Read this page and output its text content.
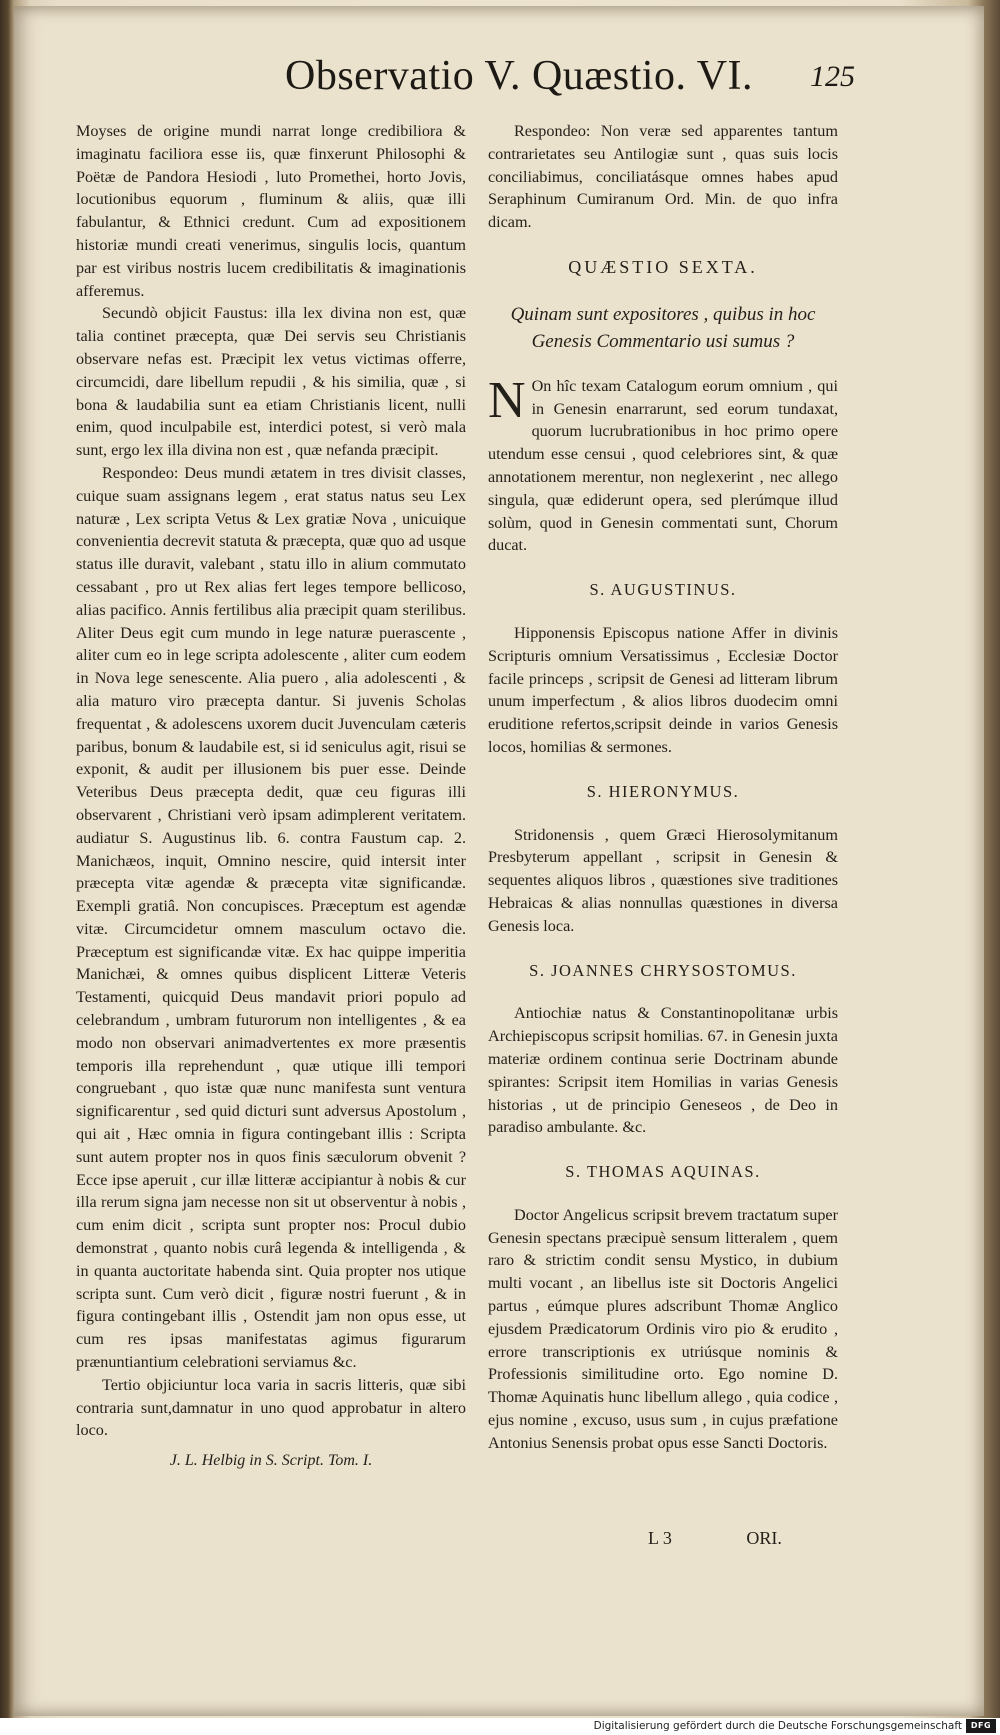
Observatio V. Quæstio. VI. 125

Moyses de origine mundi narrat longe credibiliora & imaginatu faciliora esse iis, quæ finxerunt Philosophi & Poëtæ de Pandora Hesiodi , luto Promethei, horto Jovis, locutionibus equorum , fluminum & aliis, quæ illi fabulantur, & Ethnici credunt. Cum ad expositionem historiæ mundi creati venerimus, singulis locis, quantum par est viribus nostris lucem credibilitatis & imaginationis afferemus.

Secundò objicit Faustus: illa lex divina non est, quæ talia continet præcepta, quæ Dei servis seu Christianis observare nefas est. Præcipit lex vetus victimas offerre, circumcidi, dare libellum repudii , & his similia, quæ , si bona & laudabilia sunt ea etiam Christianis licent, nulli enim, quod inculpabile est, interdici potest, si verò mala sunt, ergo lex illa divina non est , quæ nefanda præcipit.

Respondeo: Deus mundi ætatem in tres divisit classes, cuique suam assignans legem , erat status natus seu Lex naturæ , Lex scripta Vetus & Lex gratiæ Nova , unicuique convenientia decrevit statuta & præcepta, quæ quo ad usque status ille duravit, valebant , statu illo in alium commutato cessabant , pro ut Rex alias fert leges tempore bellicoso, alias pacifico. Annis fertilibus alia præcipit quam sterilibus. Aliter Deus egit cum mundo in lege naturæ puerascente , aliter cum eo in lege scripta adolescente , aliter cum eodem in Nova lege senescente. Alia puero , alia adolescenti , & alia maturo viro præcepta dantur. Si juvenis Scholas frequentat , & adolescens uxorem ducit Juvenculam cæteris paribus, bonum & laudabile est, si id seniculus agit, risui se exponit, & audit per illusionem bis puer esse. Deinde Veteribus Deus præcepta dedit, quæ ceu figuras illi observarent , Christiani verò ipsam adimplerent veritatem. audiatur S. Augustinus lib. 6. contra Faustum cap. 2. Manichæos, inquit, Omnino nescire, quid intersit inter præcepta vitæ agendæ & præcepta vitæ significandæ. Exempli gratiâ. Non concupisces. Præceptum est agendæ vitæ. Circumcidetur omnem masculum octavo die. Præceptum est significandæ vitæ. Ex hac quippe imperitia Manichæi, & omnes quibus displicent Litteræ Veteris Testamenti, quicquid Deus mandavit priori populo ad celebrandum , umbram futurorum non intelligentes , & ea modo non observari animadvertentes ex more præsentis temporis illa reprehendunt , quæ utique illi tempori congruebant , quo istæ quæ nunc manifesta sunt ventura significarentur , sed quid dicturi sunt adversus Apostolum , qui ait , Hæc omnia in figura contingebant illis : Scripta sunt autem propter nos in quos finis sæculorum obvenit ? Ecce ipse aperuit , cur illæ litteræ accipiantur à nobis & cur illa rerum signa jam necesse non sit ut observentur à nobis , cum enim dicit , scripta sunt propter nos: Procul dubio demonstrat , quanto nobis curâ legenda & intelligenda , & in quanta auctoritate habenda sint. Quia propter nos utique scripta sunt. Cum verò dicit , figuræ nostri fuerunt , & in figura contingebant illis , Ostendit jam non opus esse, ut cum res ipsas manifestatas agimus figurarum prænuntiantium celebrationi serviamus &c.

Tertio objiciuntur loca varia in sacris litteris, quæ sibi contraria sunt,damnatur in uno quod approbatur in altero loco.

J. L. Helbig in S. Script. Tom. I.

Respondeo: Non veræ sed apparentes tantum contrarietates seu Antilogiæ sunt , quas suis locis conciliabimus, conciliatásque omnes habes apud Seraphinum Cumiranum Ord. Min. de quo infra dicam.

QUÆSTIO SEXTA.
Quinam sunt expositores , quibus in hoc Genesis Commentario usi sumus ?

N On hîc texam Catalogum eorum omnium , qui in Genesin enarrarunt, sed eorum tundaxat, quorum lucrubrationibus in hoc primo opere utendum esse censui , quod celebriores sint, & quæ annotationem merentur, non neglexerint , nec allego singula, quæ ediderunt opera, sed plerúmque illud solùm, quod in Genesin commentati sunt, Chorum ducat.

S. AUGUSTINUS.

Hipponensis Episcopus natione Affer in divinis Scripturis omnium Versatissimus , Ecclesiæ Doctor facile princeps , scripsit de Genesi ad litteram librum unum imperfectum , & alios libros duodecim omni eruditione refertos,scripsit deinde in varios Genesis locos, homilias & sermones.

S. HIERONYMUS.

Stridonensis , quem Græci Hierosolymitanum Presbyterum appellant , scripsit in Genesin & sequentes aliquos libros , quæstiones sive traditiones Hebraicas & alias nonnullas quæstiones in diversa Genesis loca.

S. JOANNES CHRYSOSTOMUS.

Antiochiæ natus & Constantinopolitanæ urbis Archiepiscopus scripsit homilias. 67. in Genesin juxta materiæ ordinem continua serie Doctrinam abunde spirantes: Scripsit item Homilias in varias Genesis historias , ut de principio Geneseos , de Deo in paradiso ambulante. &c.

S. THOMAS AQUINAS.

Doctor Angelicus scripsit brevem tractatum super Genesin spectans præcipuè sensum litteralem , quem raro & strictim condit sensu Mystico, in dubium multi vocant , an libellus iste sit Doctoris Angelici partus , eúmque plures adscribunt Thomæ Anglico ejusdem Prædicatorum Ordinis viro pio & erudito , errore transcriptionis ex utriúsque nominis & Professionis similitudine orto. Ego nomine D. Thomæ Aquinatis hunc libellum allego , quia codice , ejus nomine , excuso, usus sum , in cujus præfatione Antonius Senensis probat opus esse Sancti Doctoris.

L 3	ORI.
Digitalisierung gefördert durch die Deutsche Forschungsgemeinschaft	DFG
